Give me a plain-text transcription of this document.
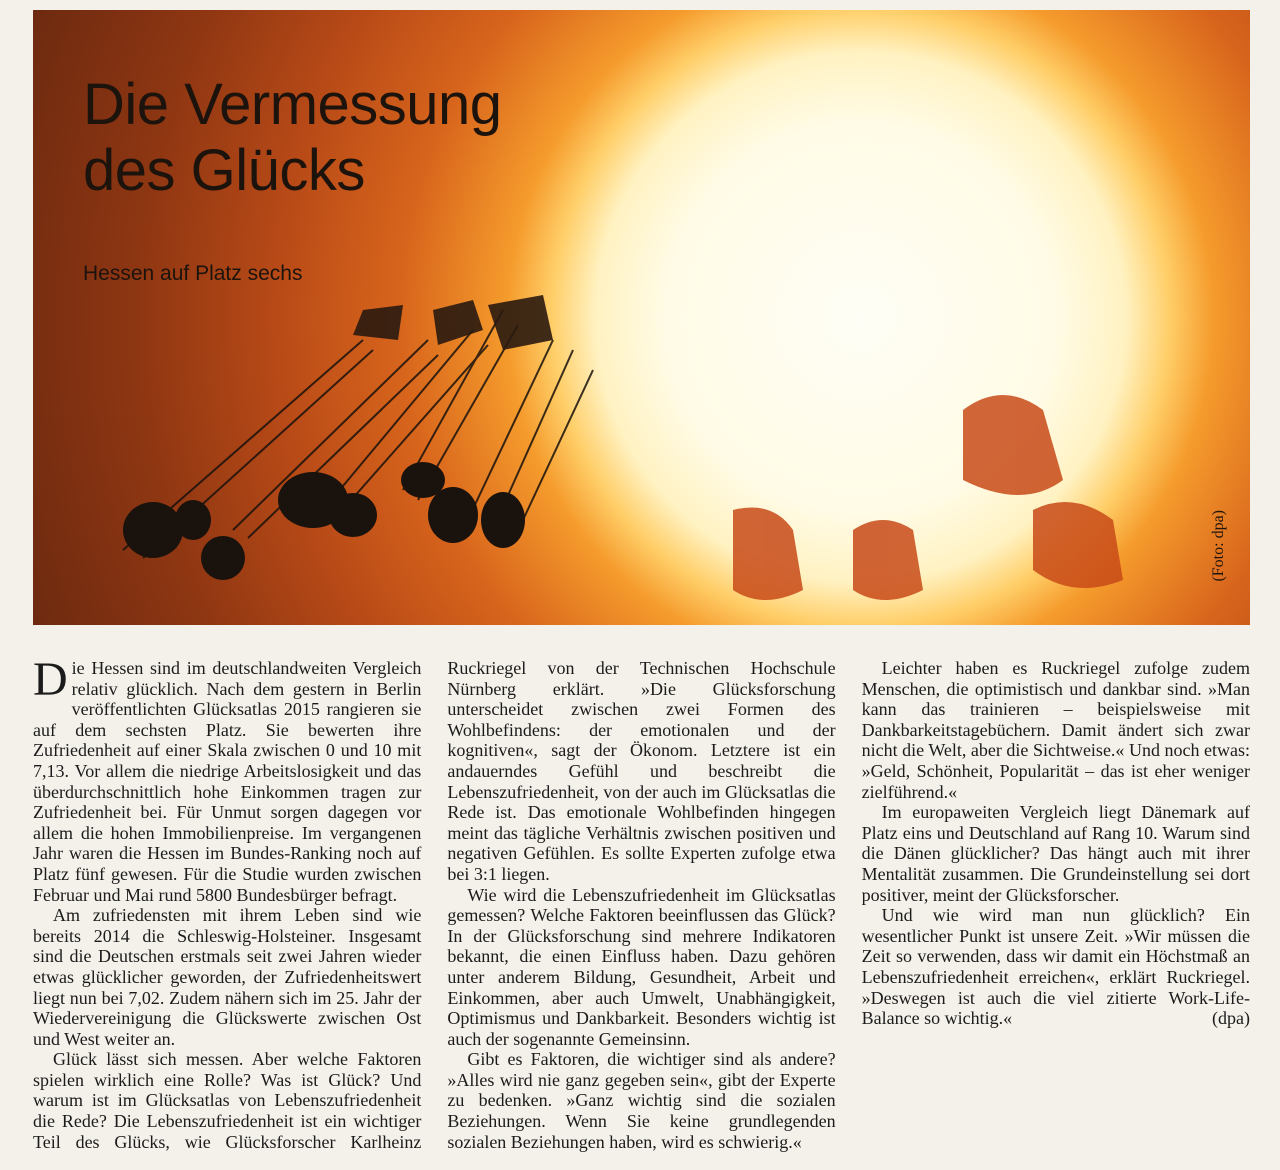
Die Vermessung
des Glücks
Hessen auf Platz sechs
(Foto: dpa)

Die Hessen sind im deutschlandweiten Vergleich relativ glücklich. Nach dem gestern in Berlin veröffentlichten Glücksatlas 2015 rangieren sie auf dem sechsten Platz. Sie bewerten ihre Zufriedenheit auf einer Skala zwischen 0 und 10 mit 7,13. Vor allem die niedrige Arbeitslosigkeit und das überdurchschnittlich hohe Einkommen tragen zur Zufriedenheit bei. Für Unmut sorgen dagegen vor allem die hohen Immobilienpreise. Im vergangenen Jahr waren die Hessen im Bundes-Ranking noch auf Platz fünf gewesen. Für die Studie wurden zwischen Februar und Mai rund 5800 Bundesbürger befragt.

Am zufriedensten mit ihrem Leben sind wie bereits 2014 die Schleswig-Holsteiner. Insgesamt sind die Deutschen erstmals seit zwei Jahren wieder etwas glücklicher geworden, der Zufriedenheitswert liegt nun bei 7,02. Zudem nähern sich im 25. Jahr der Wiedervereinigung die Glückswerte zwischen Ost und West weiter an.

Glück lässt sich messen. Aber welche Faktoren spielen wirklich eine Rolle? Was ist Glück? Und warum ist im Glücksatlas von Lebenszufriedenheit die Rede? Die Lebenszufriedenheit ist ein wichtiger Teil des Glücks, wie Glücksforscher Karlheinz Ruckriegel von der Technischen Hochschule Nürnberg erklärt. »Die Glücksforschung unterscheidet zwischen zwei Formen des Wohlbefindens: der emotionalen und der kognitiven«, sagt der Ökonom. Letztere ist ein andauerndes Gefühl und beschreibt die Lebenszufriedenheit, von der auch im Glücksatlas die Rede ist. Das emotionale Wohlbefinden hingegen meint das tägliche Verhältnis zwischen positiven und negativen Gefühlen. Es sollte Experten zufolge etwa bei 3:1 liegen.

Wie wird die Lebenszufriedenheit im Glücksatlas gemessen? Welche Faktoren beeinflussen das Glück? In der Glücksforschung sind mehrere Indikatoren bekannt, die einen Einfluss haben. Dazu gehören unter anderem Bildung, Gesundheit, Arbeit und Einkommen, aber auch Umwelt, Unabhängigkeit, Optimismus und Dankbarkeit. Besonders wichtig ist auch der sogenannte Gemeinsinn.

Gibt es Faktoren, die wichtiger sind als andere? »Alles wird nie ganz gegeben sein«, gibt der Experte zu bedenken. »Ganz wichtig sind die sozialen Beziehungen. Wenn Sie keine grundlegenden sozialen Beziehungen haben, wird es schwierig.«

Leichter haben es Ruckriegel zufolge zudem Menschen, die optimistisch und dankbar sind. »Man kann das trainieren – beispielsweise mit Dankbarkeitstagebüchern. Damit ändert sich zwar nicht die Welt, aber die Sichtweise.« Und noch etwas: »Geld, Schönheit, Popularität – das ist eher weniger zielführend.«

Im europaweiten Vergleich liegt Dänemark auf Platz eins und Deutschland auf Rang 10. Warum sind die Dänen glücklicher? Das hängt auch mit ihrer Mentalität zusammen. Die Grundeinstellung sei dort positiver, meint der Glücksforscher.

Und wie wird man nun glücklich? Ein wesentlicher Punkt ist unsere Zeit. »Wir müssen die Zeit so verwenden, dass wir damit ein Höchstmaß an Lebenszufriedenheit erreichen«, erklärt Ruckriegel. »Deswegen ist auch die viel zitierte Work-Life-Balance so wichtig.«	(dpa)
